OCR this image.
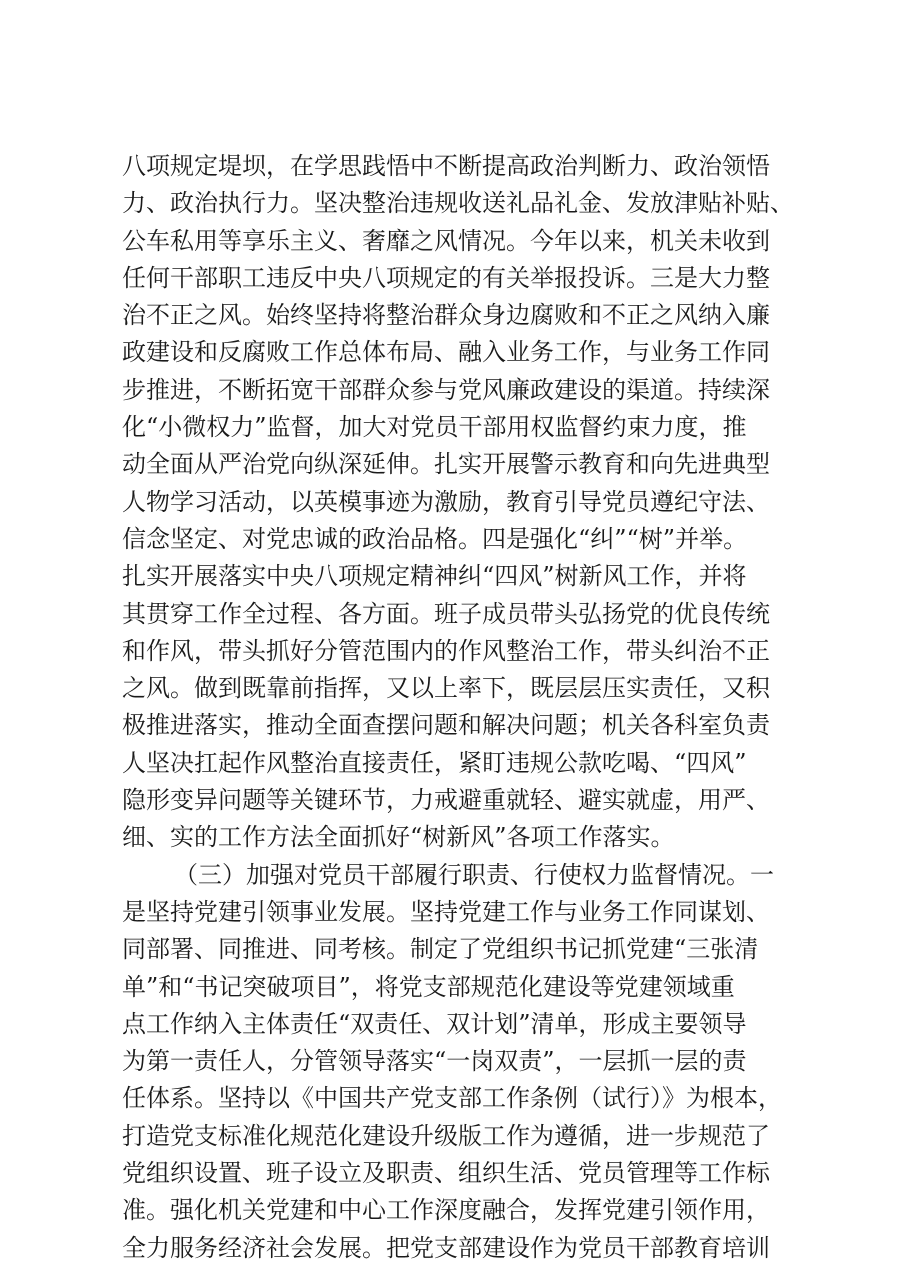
八项规定堤坝，在学思践悟中不断提高政治判断力、政治领悟
力、政治执行力。坚决整治违规收送礼品礼金、发放津贴补贴、
公车私用等享乐主义、奢靡之风情况。今年以来，机关未收到
任何干部职工违反中央八项规定的有关举报投诉。三是大力整
治不正之风。始终坚持将整治群众身边腐败和不正之风纳入廉
政建设和反腐败工作总体布局、融入业务工作，与业务工作同
步推进，不断拓宽干部群众参与党风廉政建设的渠道。持续深
化“小微权力”监督，加大对党员干部用权监督约束力度，推
动全面从严治党向纵深延伸。扎实开展警示教育和向先进典型
人物学习活动，以英模事迹为激励，教育引导党员遵纪守法、
信念坚定、对党忠诚的政治品格。四是强化“纠”“树”并举。
扎实开展落实中央八项规定精神纠“四风”树新风工作，并将
其贯穿工作全过程、各方面。班子成员带头弘扬党的优良传统
和作风，带头抓好分管范围内的作风整治工作，带头纠治不正
之风。做到既靠前指挥，又以上率下，既层层压实责任，又积
极推进落实，推动全面查摆问题和解决问题；机关各科室负责
人坚决扛起作风整治直接责任，紧盯违规公款吃喝、“四风”
隐形变异问题等关键环节，力戒避重就轻、避实就虚，用严、
细、实的工作方法全面抓好“树新风”各项工作落实。
（三）加强对党员干部履行职责、行使权力监督情况。一
是坚持党建引领事业发展。坚持党建工作与业务工作同谋划、
同部署、同推进、同考核。制定了党组织书记抓党建“三张清
单”和“书记突破项目”，将党支部规范化建设等党建领域重
点工作纳入主体责任“双责任、双计划”清单，形成主要领导
为第一责任人，分管领导落实“一岗双责”，一层抓一层的责
任体系。坚持以《中国共产党支部工作条例（试行）》为根本，
打造党支标准化规范化建设升级版工作为遵循，进一步规范了
党组织设置、班子设立及职责、组织生活、党员管理等工作标
准。强化机关党建和中心工作深度融合，发挥党建引领作用，
全力服务经济社会发展。把党支部建设作为党员干部教育培训
